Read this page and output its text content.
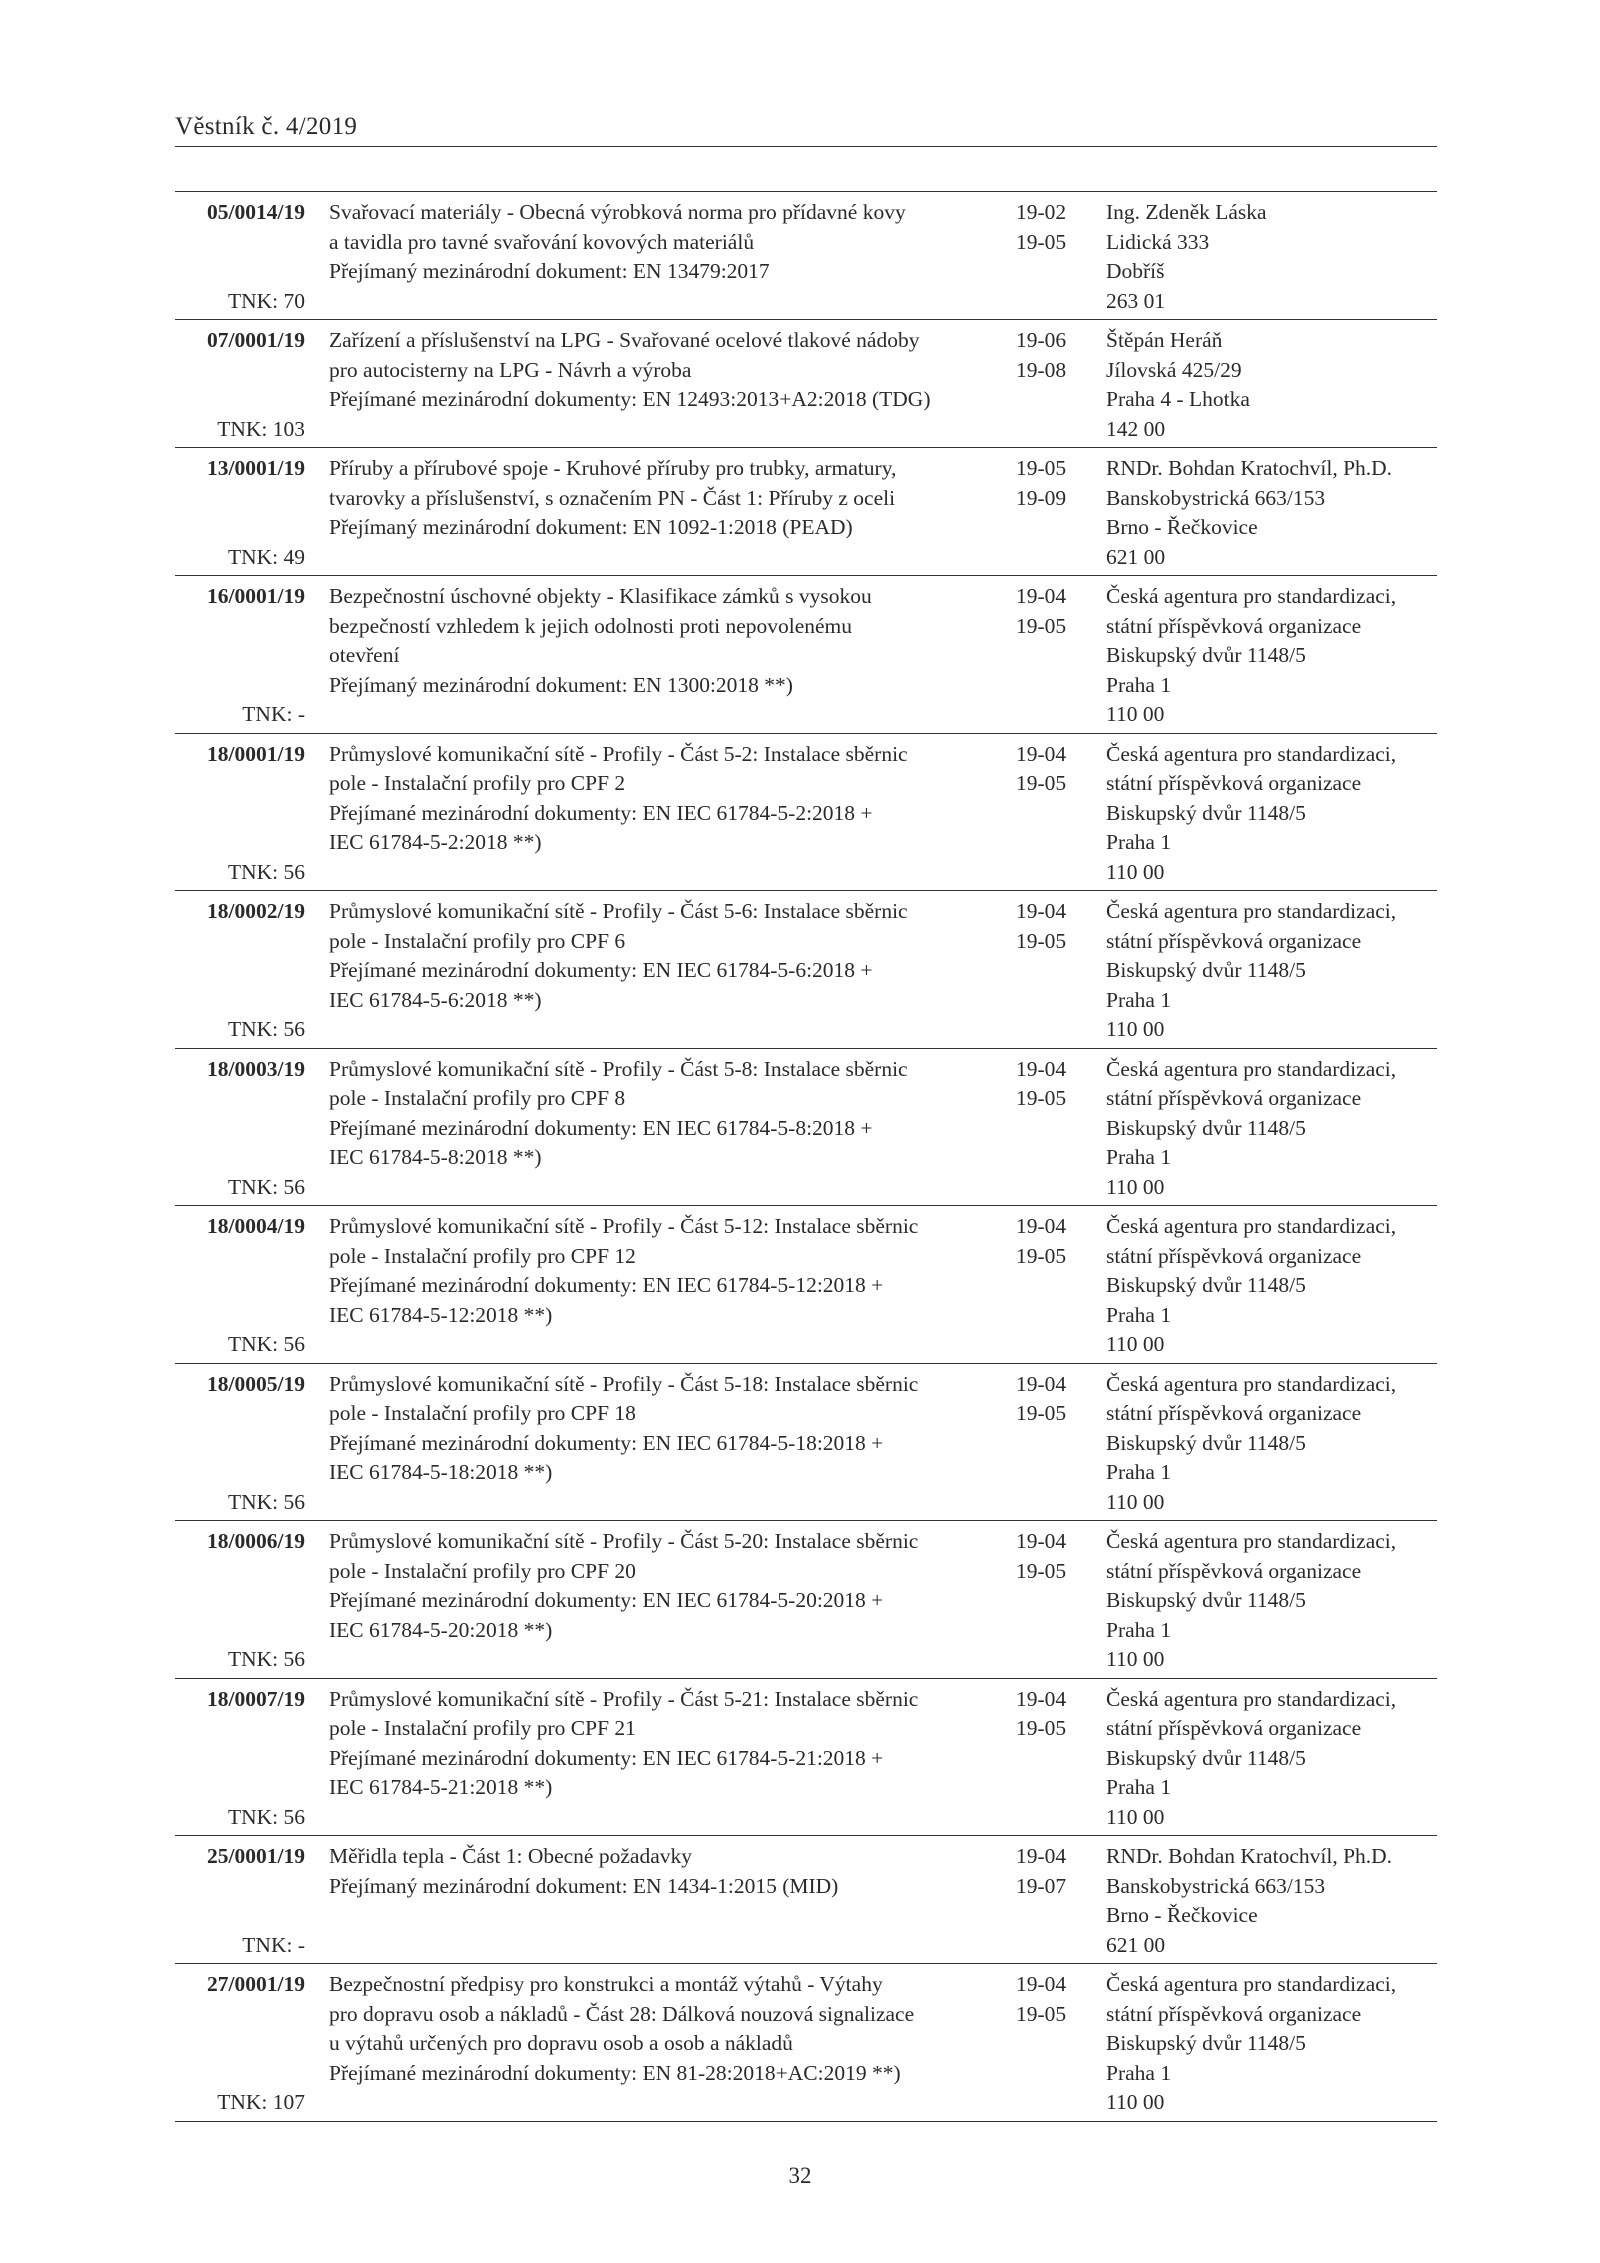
Věstník č. 4/2019
05/0014/19
TNK: 70
Svařovací materiály - Obecná výrobková norma pro přídavné kovy
a tavidla pro tavné svařování kovových materiálů
Přejímaný mezinárodní dokument: EN 13479:2017
19-02
19-05
Ing. Zdeněk Láska
Lidická 333
Dobříš
263 01
07/0001/19
TNK: 103
Zařízení a příslušenství na LPG - Svařované ocelové tlakové nádoby
pro autocisterny na LPG - Návrh a výroba
Přejímané mezinárodní dokumenty: EN 12493:2013+A2:2018 (TDG)
19-06
19-08
Štěpán Heráň
Jílovská 425/29
Praha 4 - Lhotka
142 00
13/0001/19
TNK: 49
Příruby a přírubové spoje - Kruhové příruby pro trubky, armatury,
tvarovky a příslušenství, s označením PN - Část 1: Příruby z oceli
Přejímaný mezinárodní dokument: EN 1092-1:2018 (PEAD)
19-05
19-09
RNDr. Bohdan Kratochvíl, Ph.D.
Banskobystrická 663/153
Brno - Řečkovice
621 00
16/0001/19
TNK: -
Bezpečnostní úschovné objekty - Klasifikace zámků s vysokou
bezpečností vzhledem k jejich odolnosti proti nepovolenému
otevření
Přejímaný mezinárodní dokument: EN 1300:2018 **)
19-04
19-05
Česká agentura pro standardizaci,
státní příspěvková organizace
Biskupský dvůr 1148/5
Praha 1
110 00
18/0001/19
TNK: 56
Průmyslové komunikační sítě - Profily - Část 5-2: Instalace sběrnic
pole - Instalační profily pro CPF 2
Přejímané mezinárodní dokumenty: EN IEC 61784-5-2:2018 +
IEC 61784-5-2:2018 **)
19-04
19-05
Česká agentura pro standardizaci,
státní příspěvková organizace
Biskupský dvůr 1148/5
Praha 1
110 00
18/0002/19
TNK: 56
Průmyslové komunikační sítě - Profily - Část 5-6: Instalace sběrnic
pole - Instalační profily pro CPF 6
Přejímané mezinárodní dokumenty: EN IEC 61784-5-6:2018 +
IEC 61784-5-6:2018 **)
19-04
19-05
Česká agentura pro standardizaci,
státní příspěvková organizace
Biskupský dvůr 1148/5
Praha 1
110 00
18/0003/19
TNK: 56
Průmyslové komunikační sítě - Profily - Část 5-8: Instalace sběrnic
pole - Instalační profily pro CPF 8
Přejímané mezinárodní dokumenty: EN IEC 61784-5-8:2018 +
IEC 61784-5-8:2018 **)
19-04
19-05
Česká agentura pro standardizaci,
státní příspěvková organizace
Biskupský dvůr 1148/5
Praha 1
110 00
18/0004/19
TNK: 56
Průmyslové komunikační sítě - Profily - Část 5-12: Instalace sběrnic
pole - Instalační profily pro CPF 12
Přejímané mezinárodní dokumenty: EN IEC 61784-5-12:2018 +
IEC 61784-5-12:2018 **)
19-04
19-05
Česká agentura pro standardizaci,
státní příspěvková organizace
Biskupský dvůr 1148/5
Praha 1
110 00
18/0005/19
TNK: 56
Průmyslové komunikační sítě - Profily - Část 5-18: Instalace sběrnic
pole - Instalační profily pro CPF 18
Přejímané mezinárodní dokumenty: EN IEC 61784-5-18:2018 +
IEC 61784-5-18:2018 **)
19-04
19-05
Česká agentura pro standardizaci,
státní příspěvková organizace
Biskupský dvůr 1148/5
Praha 1
110 00
18/0006/19
TNK: 56
Průmyslové komunikační sítě - Profily - Část 5-20: Instalace sběrnic
pole - Instalační profily pro CPF 20
Přejímané mezinárodní dokumenty: EN IEC 61784-5-20:2018 +
IEC 61784-5-20:2018 **)
19-04
19-05
Česká agentura pro standardizaci,
státní příspěvková organizace
Biskupský dvůr 1148/5
Praha 1
110 00
18/0007/19
TNK: 56
Průmyslové komunikační sítě - Profily - Část 5-21: Instalace sběrnic
pole - Instalační profily pro CPF 21
Přejímané mezinárodní dokumenty: EN IEC 61784-5-21:2018 +
IEC 61784-5-21:2018 **)
19-04
19-05
Česká agentura pro standardizaci,
státní příspěvková organizace
Biskupský dvůr 1148/5
Praha 1
110 00
25/0001/19
TNK: -
Měřidla tepla - Část 1: Obecné požadavky
Přejímaný mezinárodní dokument: EN 1434-1:2015 (MID)
19-04
19-07
RNDr. Bohdan Kratochvíl, Ph.D.
Banskobystrická 663/153
Brno - Řečkovice
621 00
27/0001/19
TNK: 107
Bezpečnostní předpisy pro konstrukci a montáž výtahů - Výtahy
pro dopravu osob a nákladů - Část 28: Dálková nouzová signalizace
u výtahů určených pro dopravu osob a osob a nákladů
Přejímané mezinárodní dokumenty: EN 81-28:2018+AC:2019 **)
19-04
19-05
Česká agentura pro standardizaci,
státní příspěvková organizace
Biskupský dvůr 1148/5
Praha 1
110 00
32
